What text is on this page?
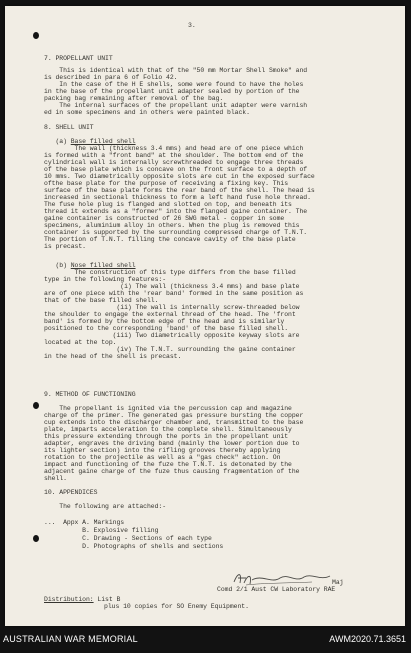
3.
7. PROPELLANT UNIT
This is identical with that of the "50 mm Mortar Shell Smoke" and
is described in para 6 of Folio 42.
In the case of the H E shells, some were found to have the holes
in the base of the propellant unit adapter sealed by portion of the
packing bag remaining after removal of the bag.
The internal surfaces of the propellant unit adapter were varnish
ed in some specimens and in others were painted black.
8. SHELL UNIT
(a) Base filled shell
The wall (thickness 3.4 mms) and head are of one piece which
is formed with a "front band" at the shoulder. The bottom end of the
cylindrical wall is internally screwthreaded to engage three threads
of the base plate which is concave on the front surface to a depth of
10 mms. Two diametrically opposite slots are cut in the exposed surface
ofthe base plate for the purpose of receiving a fixing key. This
surface of the base plate forms the rear band of the shell. The head is
increased in sectional thickness to form a left hand fuse hole thread.
The fuse hole plug is flanged and slotted on top, and beneath its
thread it extends as a "former" into the flanged gaine container. The
gaine container is constructed of 26 SWG metal - copper in some
specimens, aluminium alloy in others. When the plug is removed this
container is supported by the surrounding compressed charge of T.N.T.
The portion of T.N.T. filling the concave cavity of the base plate
is precast.
(b) Nose filled shell
The construction of this type differs from the base filled
type in the following features:-
(i) The wall (thickness 3.4 mms) and base plate
are of one piece with the 'rear band' formed in the same position as
that of the base filled shell.
(ii) The wall is internally screw-threaded below
the shoulder to engage the external thread of the head. The 'front
band' is formed by the bottom edge of the head and is similarly
positioned to the corresponding 'band' of the base filled shell.
(iii) Two diametrically opposite keyway slots are
located at the top.
(iv) The T.N.T. surrounding the gaine container
in the head of the shell is precast.
9. METHOD OF FUNCTIONING
The propellant is ignited via the percussion cap and magazine
charge of the primer. The generated gas pressure bursting the copper
cup extends into the discharger chamber and, transmitted to the base
plate, imparts acceleration to the complete shell. Simultaneously
this pressure extending through the ports in the propellant unit
adapter, engraves the driving band (mainly the lower portion due to
its lighter section) into the rifling grooves thereby applying
rotation to the projectile as well as a "gas check" action. On
impact and functioning of the fuze the T.N.T. is detonated by the
adjacent gaine charge of the fuze thus causing fragmentation of the
shell.
10. APPENDICES
The following are attached:-
...  Appx A. Markings
B. Explosive filling
C. Drawing - Sections of each type
D. Photographs of shells and sections
Maj
Comd 2/1 Aust CW Laboratory RAE
Distribution: List B
plus 10 copies for SO Enemy Equipment.
AUSTRALIAN WAR MEMORIAL	AWM2020.71.3651
